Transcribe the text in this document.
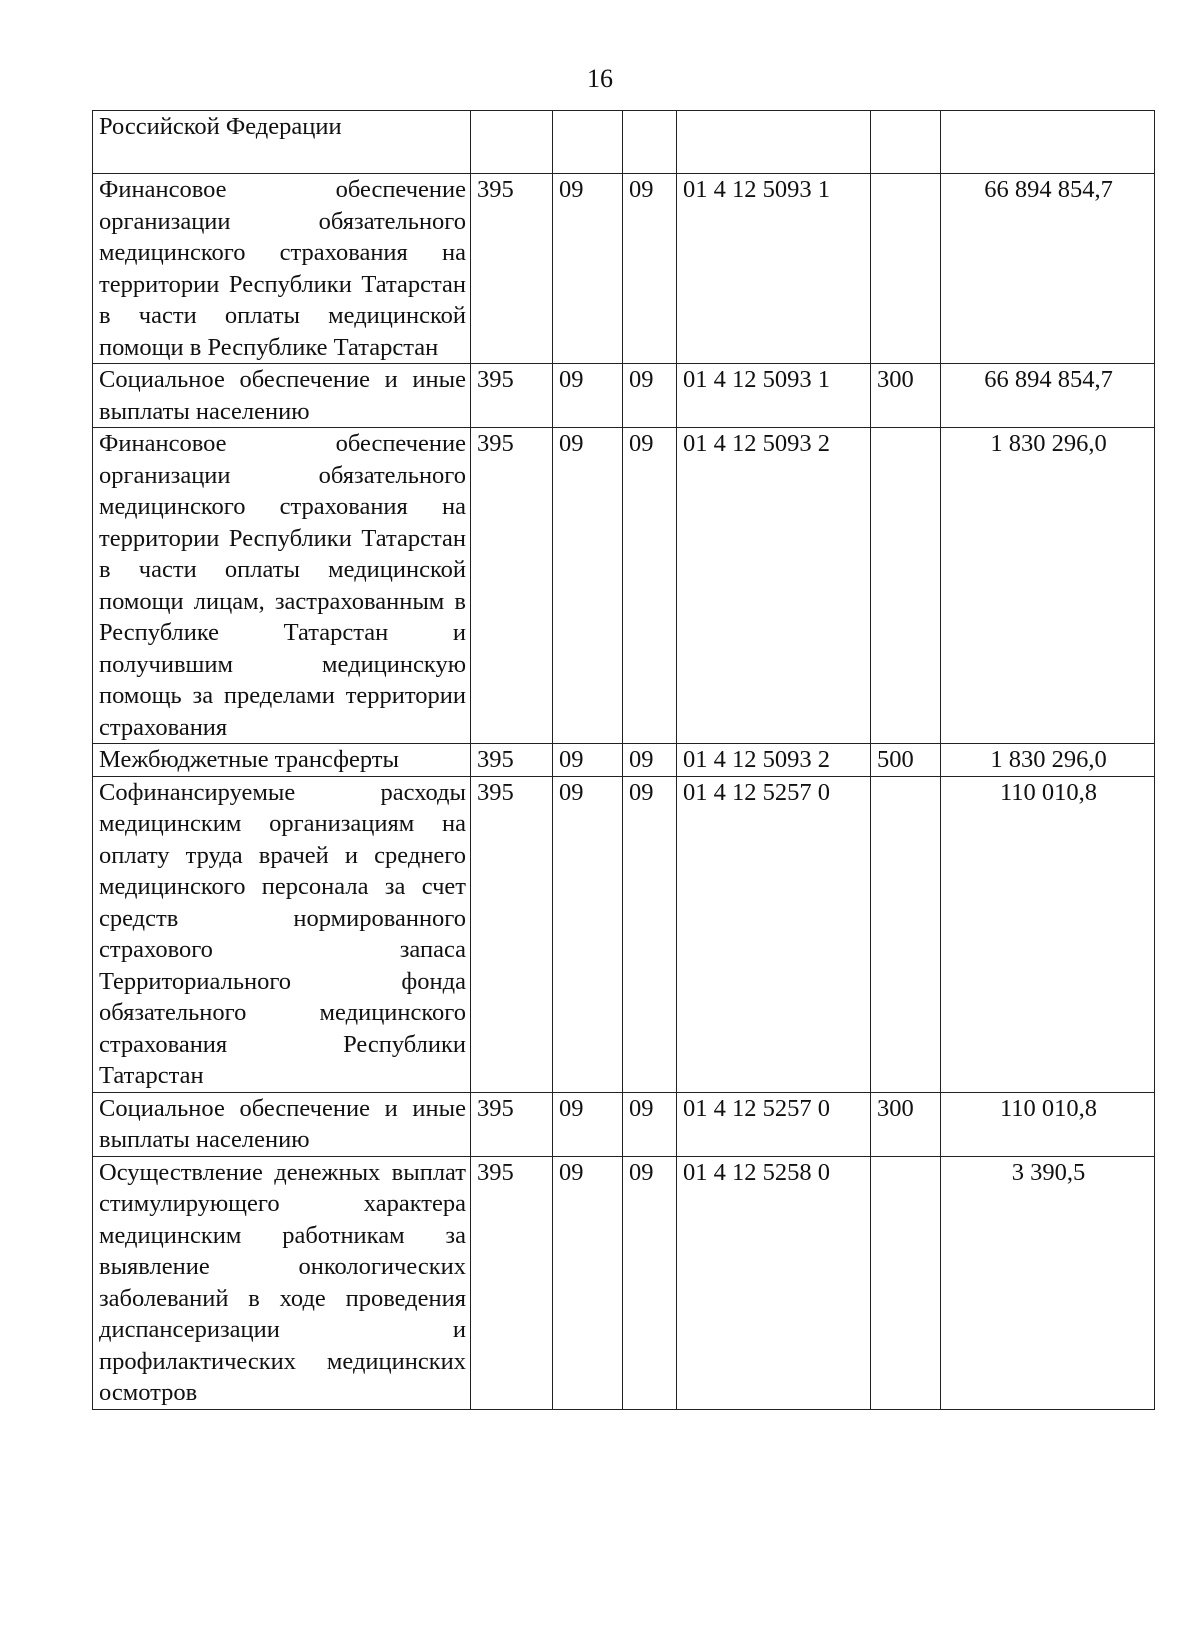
16
Российской Федерации						
Финансовое обеспечение организации обязательного медицинского страхования на территории Республики Татарстан в части оплаты медицинской помощи в Республике Татарстан	395	09	09	01 4 12 5093 1		66 894 854,7
Социальное обеспечение и иные выплаты населению	395	09	09	01 4 12 5093 1	300	66 894 854,7
Финансовое обеспечение организации обязательного медицинского страхования на территории Республики Татарстан в части оплаты медицинской помощи лицам, застрахованным в Республике Татарстан и получившим медицинскую помощь за пределами территории страхования	395	09	09	01 4 12 5093 2		1 830 296,0
Межбюджетные трансферты	395	09	09	01 4 12 5093 2	500	1 830 296,0
Софинансируемые расходы медицинским организациям на оплату труда врачей и среднего медицинского персонала за счет средств нормированного страхового запаса Территориального фонда обязательного медицинского страхования Республики Татарстан	395	09	09	01 4 12 5257 0		110 010,8
Социальное обеспечение и иные выплаты населению	395	09	09	01 4 12 5257 0	300	110 010,8
Осуществление денежных выплат стимулирующего характера медицинским работникам за выявление онкологических заболеваний в ходе проведения диспансеризации и профилактических медицинских осмотров	395	09	09	01 4 12 5258 0		3 390,5
